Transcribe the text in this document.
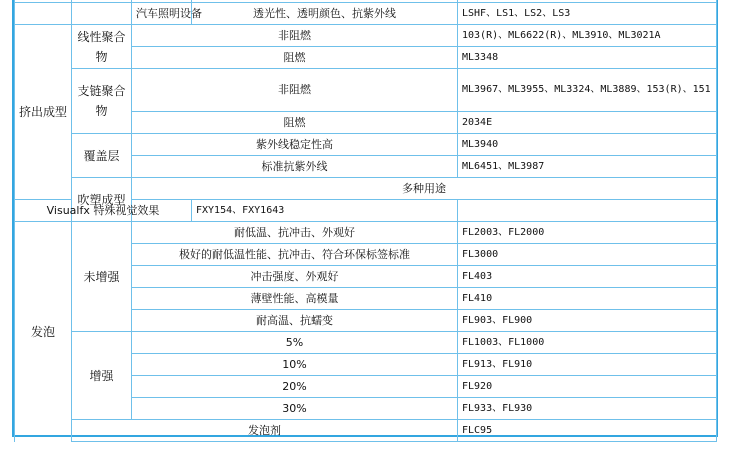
		汽车照明设备	透光性、透明颜色、抗紫外线	LSHF、LS1、LS2、LS3	
挤出成型	线性聚合物	非阻燃		103(R)、ML6622(R)、ML3910、ML3021A	
		阻燃		ML3348	
	支链聚合物	非阻燃		ML3967、ML3955、ML3324、ML3889、153(R)、151	
		阻燃		2034E	
	覆盖层	紫外线稳定性高		ML3940	
		标准抗紫外线		ML6451、ML3987	
	吹塑成型	多种用途	
Visualfx 特殊视觉效果			FXY154、FXY1643		
发泡	未增强	耐低温、抗冲击、外观好		FL2003、FL2000	
		极好的耐低温性能、抗冲击、符合环保标签标准		FL3000	
		冲击强度、外观好		FL403	
		薄壁性能、高模量		FL410	
		耐高温、抗蠕变		FL903、FL900	
	增强	5%		FL1003、FL1000	
		10%		FL913、FL910	
		20%		FL920	
		30%		FL933、FL930	
	发泡剂			FLC95	
